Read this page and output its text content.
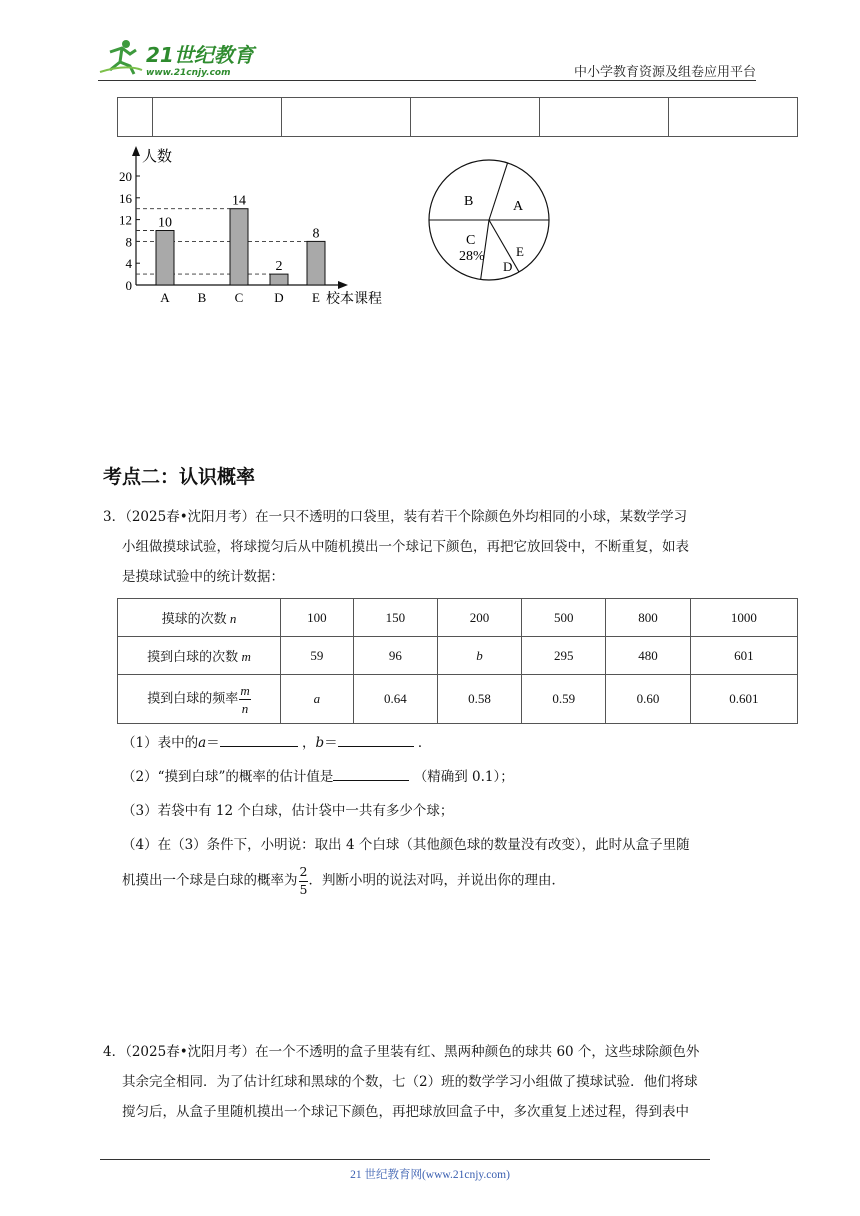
21世纪教育
www.21cnjy.com	中小学教育资源及组卷应用平台

人数
校本课程
0
4
8
12
16
20
10
14
2
8
A B C D E
B	A
C
28% E
D
考点二：认识概率
3．（2025春•沈阳月考）在一只不透明的口袋里，装有若干个除颜色外均相同的小球，某数学学习
小组做摸球试验，将球搅匀后从中随机摸出一个球记下颜色，再把它放回袋中，不断重复，如表
是摸球试验中的统计数据：
摸球的次数 n	100	150	200	500	800	1000
摸到白球的次数 m	59	96	b	295	480	601
摸到白球的频率 $\frac{m}{n}$	a	0.64	0.58	0.59	0.60	0.601
（1）表中的a＝	，b＝	．
（2）“摸到白球”的概率的估计值是	（精确到 0.1）；
（3）若袋中有 12 个白球，估计袋中一共有多少个球；
（4）在（3）条件下，小明说：取出 4 个白球（其他颜色球的数量没有改变），此时从盒子里随
机摸出一个球是白球的概率为 $\frac{2}{5}$ ．判断小明的说法对吗，并说出你的理由．
4．（2025春•沈阳月考）在一个不透明的盒子里装有红、黑两种颜色的球共 60 个，这些球除颜色外
其余完全相同．为了估计红球和黑球的个数，七（2）班的数学学习小组做了摸球试验．他们将球
搅匀后，从盒子里随机摸出一个球记下颜色，再把球放回盒子中，多次重复上述过程，得到表中
21 世纪教育网(www.21cnjy.com)
